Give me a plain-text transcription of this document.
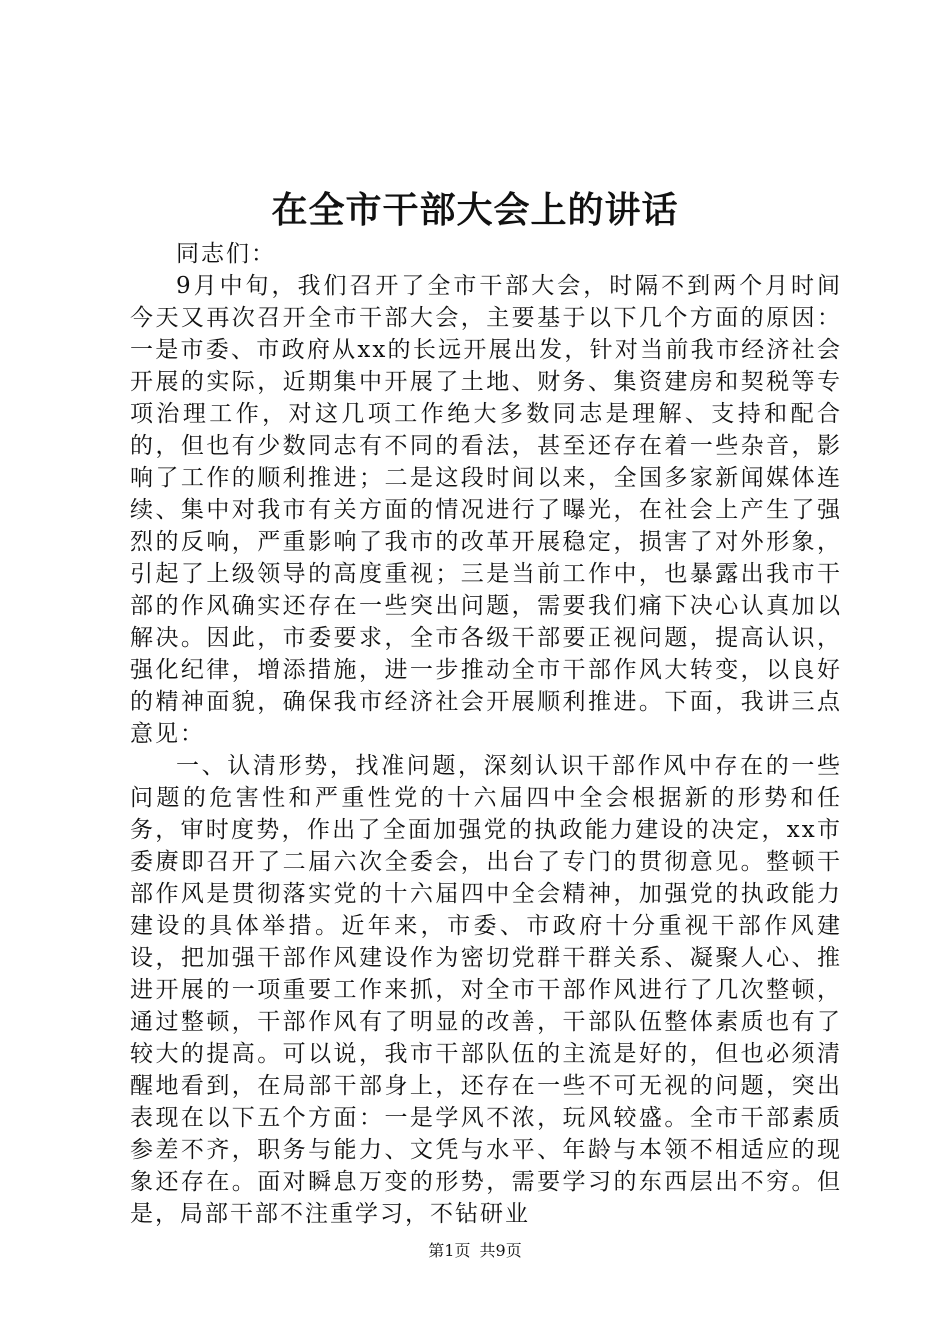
在全市干部大会上的讲话

同志们：

9月中旬，我们召开了全市干部大会，时隔不到两个月时间今天又再次召开全市干部大会，主要基于以下几个方面的原因：一是市委、市政府从xx的长远开展出发，针对当前我市经济社会开展的实际，近期集中开展了土地、财务、集资建房和契税等专项治理工作，对这几项工作绝大多数同志是理解、支持和配合的，但也有少数同志有不同的看法，甚至还存在着一些杂音，影响了工作的顺利推进；二是这段时间以来，全国多家新闻媒体连续、集中对我市有关方面的情况进行了曝光，在社会上产生了强烈的反响，严重影响了我市的改革开展稳定，损害了对外形象，引起了上级领导的高度重视；三是当前工作中，也暴露出我市干部的作风确实还存在一些突出问题，需要我们痛下决心认真加以解决。因此，市委要求，全市各级干部要正视问题，提高认识，强化纪律，增添措施，进一步推动全市干部作风大转变，以良好的精神面貌，确保我市经济社会开展顺利推进。下面，我讲三点意见：

一、认清形势，找准问题，深刻认识干部作风中存在的一些问题的危害性和严重性党的十六届四中全会根据新的形势和任务，审时度势，作出了全面加强党的执政能力建设的决定，xx市委赓即召开了二届六次全委会，出台了专门的贯彻意见。整顿干部作风是贯彻落实党的十六届四中全会精神，加强党的执政能力建设的具体举措。近年来，市委、市政府十分重视干部作风建设，把加强干部作风建设作为密切党群干群关系、凝聚人心、推进开展的一项重要工作来抓，对全市干部作风进行了几次整顿，通过整顿，干部作风有了明显的改善，干部队伍整体素质也有了较大的提高。可以说，我市干部队伍的主流是好的，但也必须清醒地看到，在局部干部身上，还存在一些不可无视的问题，突出表现在以下五个方面：一是学风不浓，玩风较盛。全市干部素质参差不齐，职务与能力、文凭与水平、年龄与本领不相适应的现象还存在。面对瞬息万变的形势，需要学习的东西层出不穷。但是，局部干部不注重学习，不钻研业

第1页 共9页
